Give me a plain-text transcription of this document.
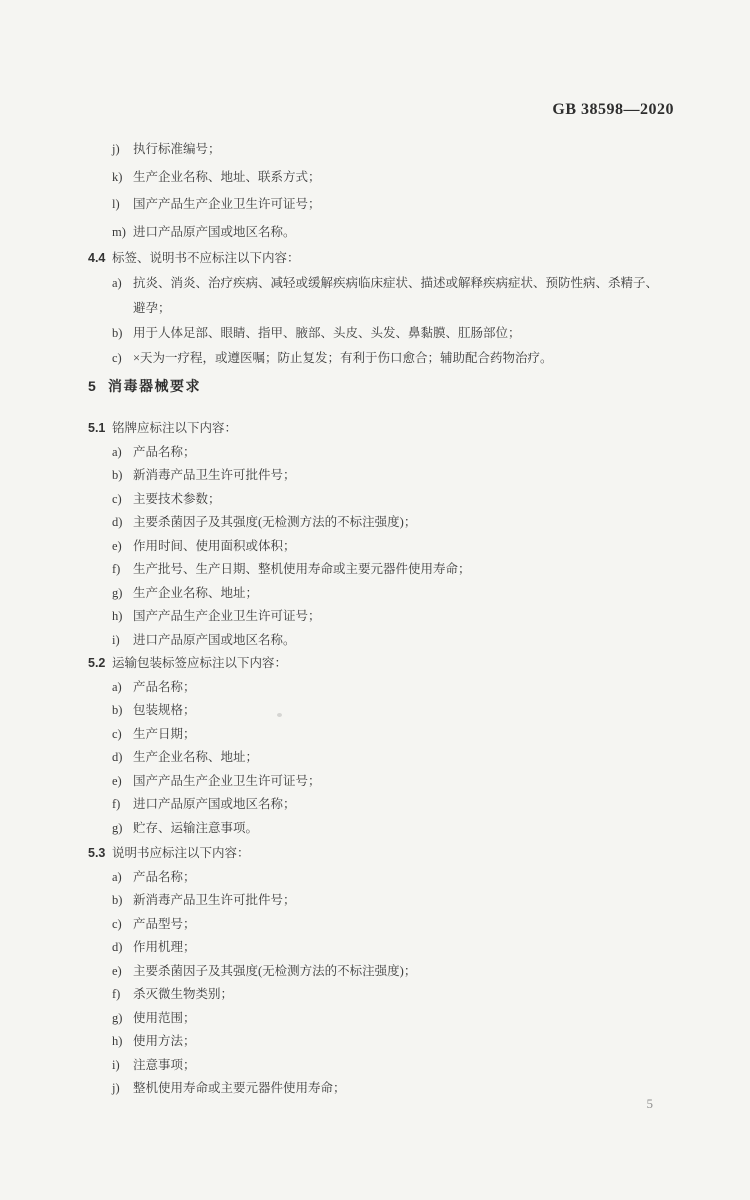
GB 38598—2020
j)	执行标准编号；
k) 生产企业名称、地址、联系方式；
l)	国产产品生产企业卫生许可证号；
m) 进口产品原产国或地区名称。
4.4 标签、说明书不应标注以下内容：
a) 抗炎、消炎、治疗疾病、减轻或缓解疾病临床症状、描述或解释疾病症状、预防性病、杀精子、
避孕；
b) 用于人体足部、眼睛、指甲、腋部、头皮、头发、鼻黏膜、肛肠部位；
c) ×天为一疗程，或遵医嘱；防止复发；有利于伤口愈合；辅助配合药物治疗。
5 消毒器械要求
5.1 铭牌应标注以下内容：
a) 产品名称；
b) 新消毒产品卫生许可批件号；
c) 主要技术参数；
d) 主要杀菌因子及其强度(无检测方法的不标注强度)；
e) 作用时间、使用面积或体积；
f)	生产批号、生产日期、整机使用寿命或主要元器件使用寿命；
g) 生产企业名称、地址；
h) 国产产品生产企业卫生许可证号；
i)	进口产品原产国或地区名称。
5.2 运输包装标签应标注以下内容：
a) 产品名称；
b) 包装规格；
c) 生产日期；
d) 生产企业名称、地址；
e) 国产产品生产企业卫生许可证号；
f)	进口产品原产国或地区名称；
g) 贮存、运输注意事项。
5.3 说明书应标注以下内容：
a) 产品名称；
b) 新消毒产品卫生许可批件号；
c) 产品型号；
d) 作用机理；
e) 主要杀菌因子及其强度(无检测方法的不标注强度)；
f)	杀灭微生物类别；
g) 使用范围；
h) 使用方法；
i)	注意事项；
j)	整机使用寿命或主要元器件使用寿命；
5
